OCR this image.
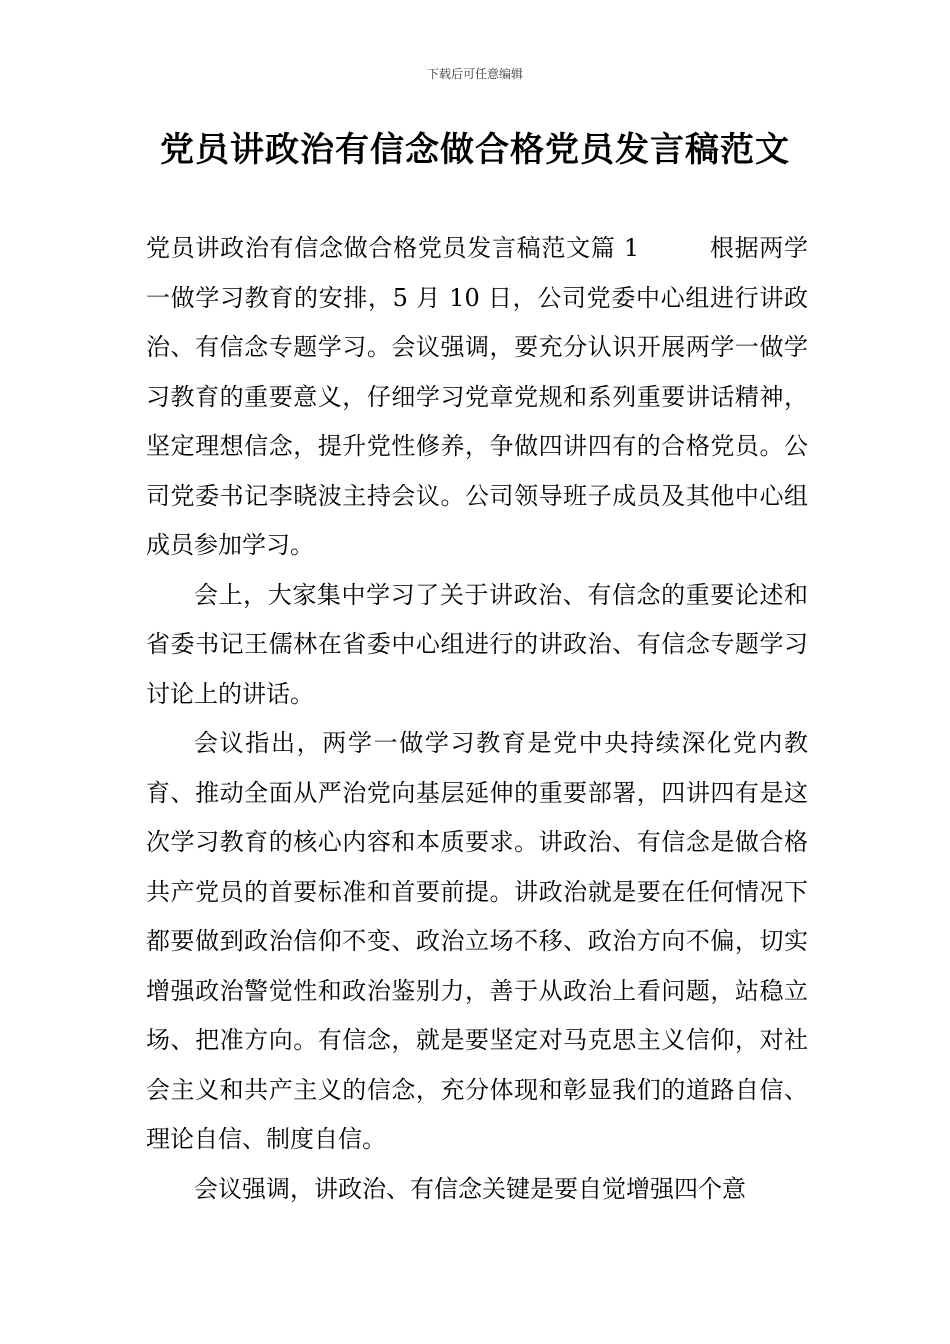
下载后可任意编辑
党员讲政治有信念做合格党员发言稿范文

党员讲政治有信念做合格党员发言稿范文篇 1	根据两学一做学习教育的安排，5 月 10 日，公司党委中心组进行讲政治、有信念专题学习。会议强调，要充分认识开展两学一做学习教育的重要意义，仔细学习党章党规和系列重要讲话精神，坚定理想信念，提升党性修养，争做四讲四有的合格党员。公司党委书记李晓波主持会议。公司领导班子成员及其他中心组成员参加学习。

会上，大家集中学习了关于讲政治、有信念的重要论述和省委书记王儒林在省委中心组进行的讲政治、有信念专题学习讨论上的讲话。

会议指出，两学一做学习教育是党中央持续深化党内教育、推动全面从严治党向基层延伸的重要部署，四讲四有是这次学习教育的核心内容和本质要求。讲政治、有信念是做合格共产党员的首要标准和首要前提。讲政治就是要在任何情况下都要做到政治信仰不变、政治立场不移、政治方向不偏，切实增强政治警觉性和政治鉴别力，善于从政治上看问题，站稳立场、把准方向。有信念，就是要坚定对马克思主义信仰，对社会主义和共产主义的信念，充分体现和彰显我们的道路自信、理论自信、制度自信。

会议强调，讲政治、有信念关键是要自觉增强四个意
